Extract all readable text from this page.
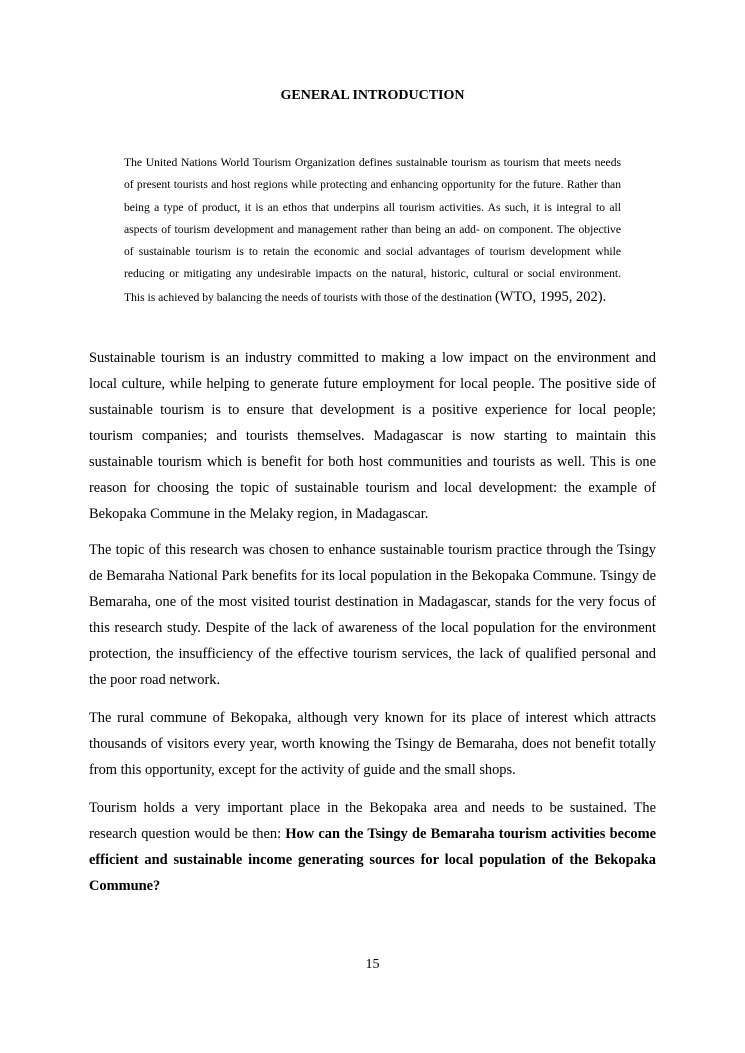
GENERAL INTRODUCTION
The United Nations World Tourism Organization defines sustainable tourism as tourism that meets needs of present tourists and host regions while protecting and enhancing opportunity for the future. Rather than being a type of product, it is an ethos that underpins all tourism activities. As such, it is integral to all aspects of tourism development and management rather than being an add- on component. The objective of sustainable tourism is to retain the economic and social advantages of tourism development while reducing or mitigating any undesirable impacts on the natural, historic, cultural or social environment. This is achieved by balancing the needs of tourists with those of the destination (WTO, 1995, 202).

Sustainable tourism is an industry committed to making a low impact on the environment and local culture, while helping to generate future employment for local people. The positive side of sustainable tourism is to ensure that development is a positive experience for local people; tourism companies; and tourists themselves. Madagascar is now starting to maintain this sustainable tourism which is benefit for both host communities and tourists as well. This is one reason for choosing the topic of sustainable tourism and local development: the example of Bekopaka Commune in the Melaky region, in Madagascar.

The topic of this research was chosen to enhance sustainable tourism practice through the Tsingy de Bemaraha National Park benefits for its local population in the Bekopaka Commune. Tsingy de Bemaraha, one of the most visited tourist destination in Madagascar, stands for the very focus of this research study. Despite of the lack of awareness of the local population for the environment protection, the insufficiency of the effective tourism services, the lack of qualified personal and the poor road network.

The rural commune of Bekopaka, although very known for its place of interest which attracts thousands of visitors every year, worth knowing the Tsingy de Bemaraha, does not benefit totally from this opportunity, except for the activity of guide and the small shops.

Tourism holds a very important place in the Bekopaka area and needs to be sustained. The research question would be then: How can the Tsingy de Bemaraha tourism activities become efficient and sustainable income generating sources for local population of the Bekopaka Commune?

15
